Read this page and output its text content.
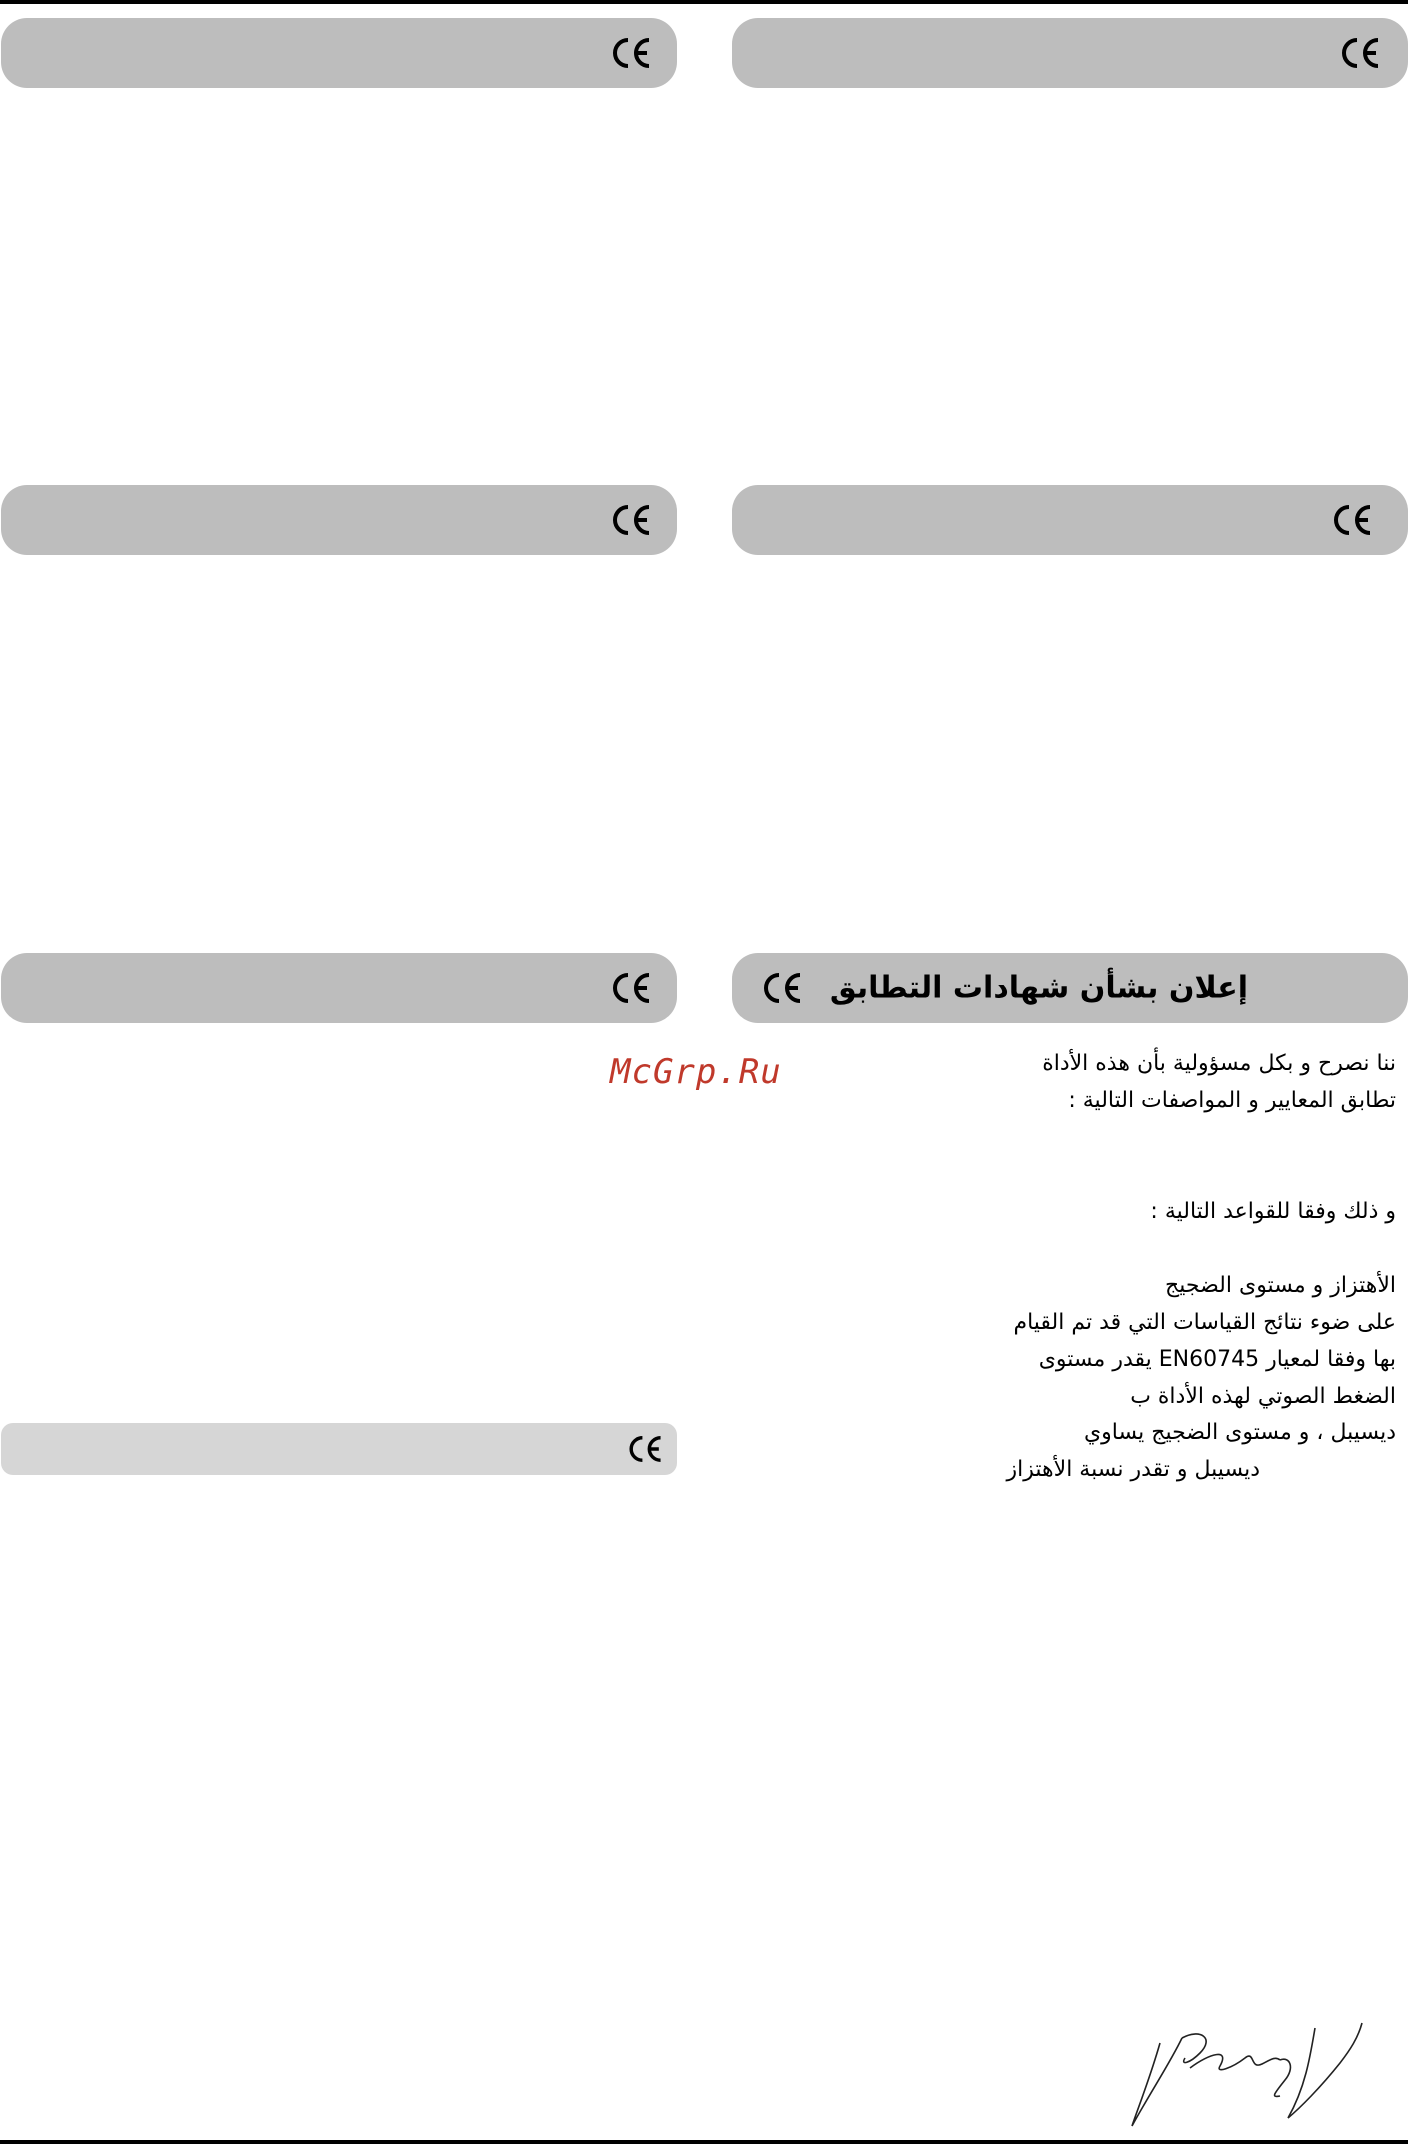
إعلان بشأن شهادات التطابق
McGrp.Ru	ننا نصرح و بكل مسؤولية بأن هذه الأداة
تطابق المعايير و المواصفات التالية :
و ذلك وفقا للقواعد التالية :
الأهتزاز و مستوى الضجيج
على ضوء نتائج القياسات التي قد تم القيام
بها وفقا لمعيار EN60745 يقدر مستوى
الضغط الصوتي لهذه الأداة ب
ديسيبل ، و مستوى الضجيج يساوي
ديسيبل و تقدر نسبة الأهتزاز
